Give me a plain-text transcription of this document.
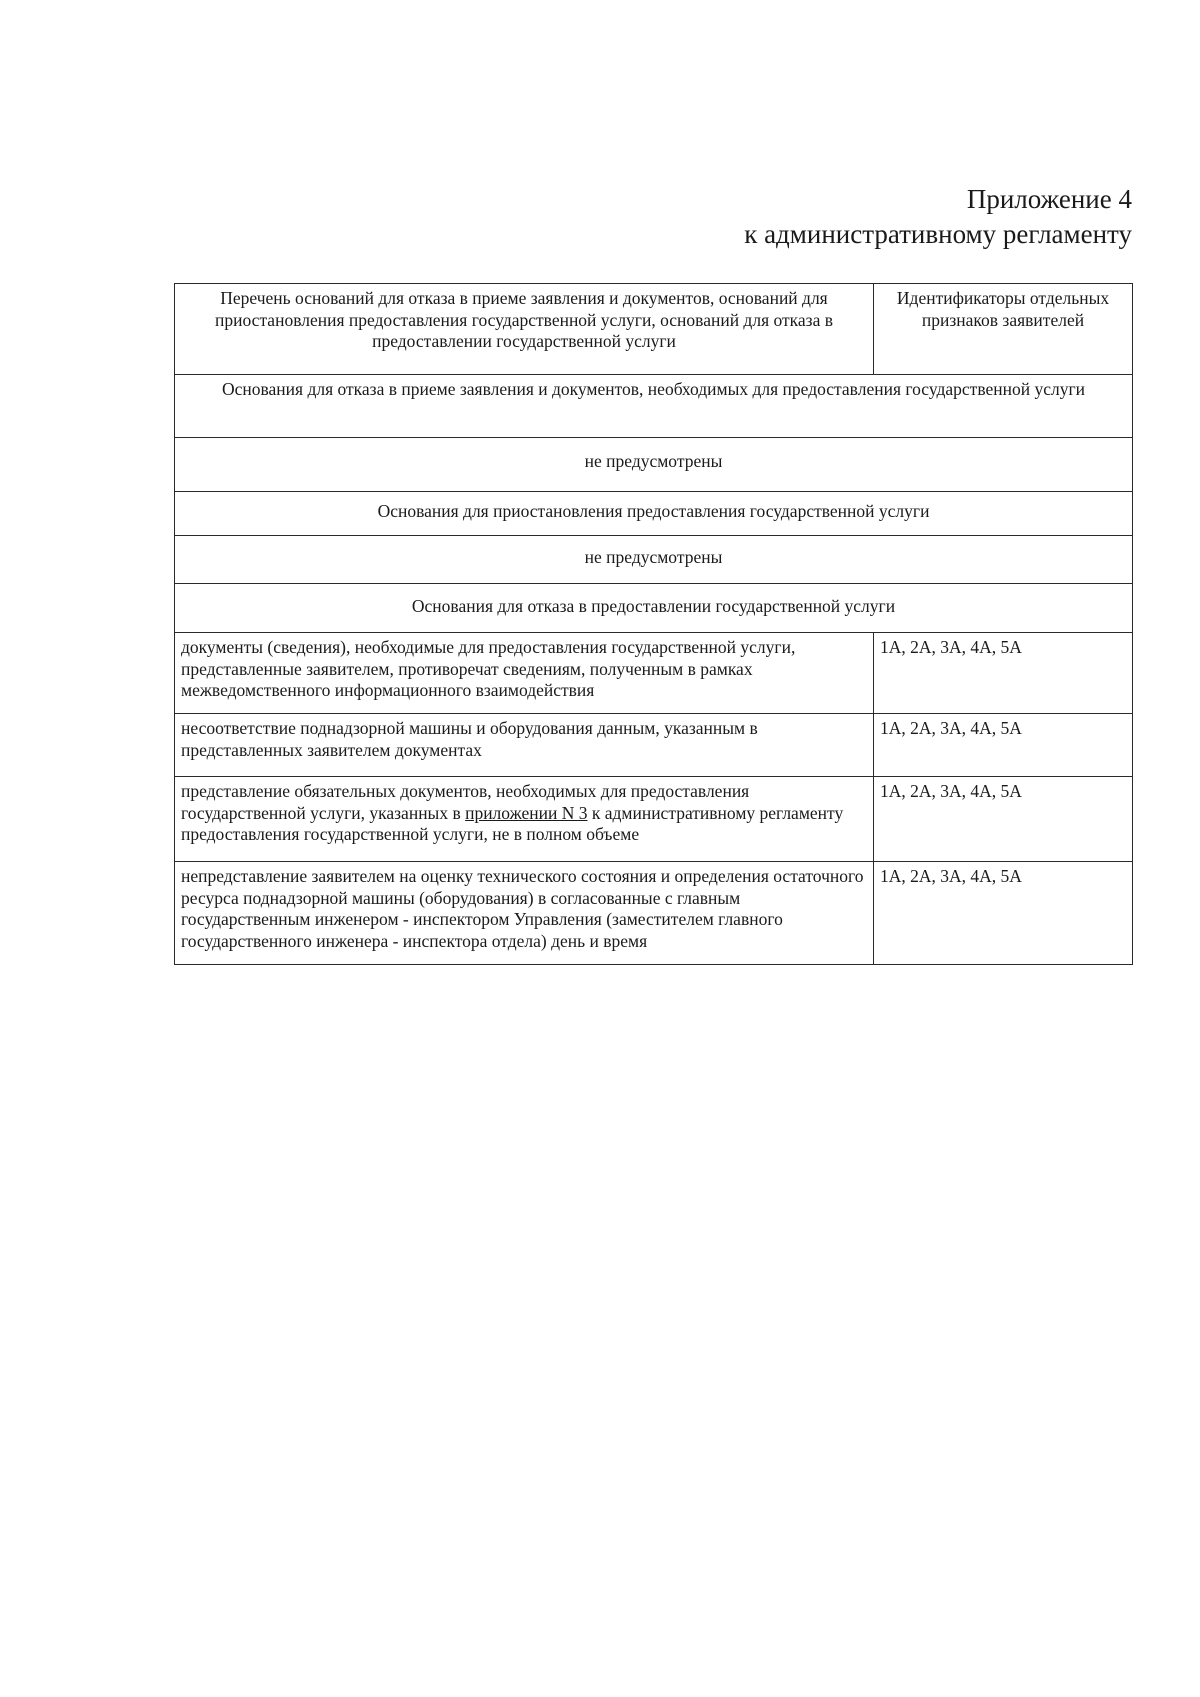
Приложение 4
к административному регламенту
Перечень оснований для отказа в приеме заявления и документов, оснований для приостановления предоставления государственной услуги, оснований для отказа в предоставлении государственной услуги	Идентификаторы отдельных признаков заявителей
Основания для отказа в приеме заявления и документов, необходимых для предоставления государственной услуги	
не предусмотрены	
Основания для приостановления предоставления государственной услуги	
не предусмотрены	
Основания для отказа в предоставлении государственной услуги	
документы (сведения), необходимые для предоставления государственной услуги, представленные заявителем, противоречат сведениям, полученным в рамках межведомственного информационного взаимодействия	1А, 2А, 3А, 4А, 5А
несоответствие поднадзорной машины и оборудования данным, указанным в представленных заявителем документах	1А, 2А, 3А, 4А, 5А
представление обязательных документов, необходимых для предоставления государственной услуги, указанных в приложении N 3 к административному регламенту предоставления государственной услуги, не в полном объеме	1А, 2А, 3А, 4А, 5А
непредставление заявителем на оценку технического состояния и определения остаточного ресурса поднадзорной машины (оборудования) в согласованные с главным государственным инженером - инспектором Управления (заместителем главного государственного инженера - инспектора отдела) день и время	1А, 2А, 3А, 4А, 5А
